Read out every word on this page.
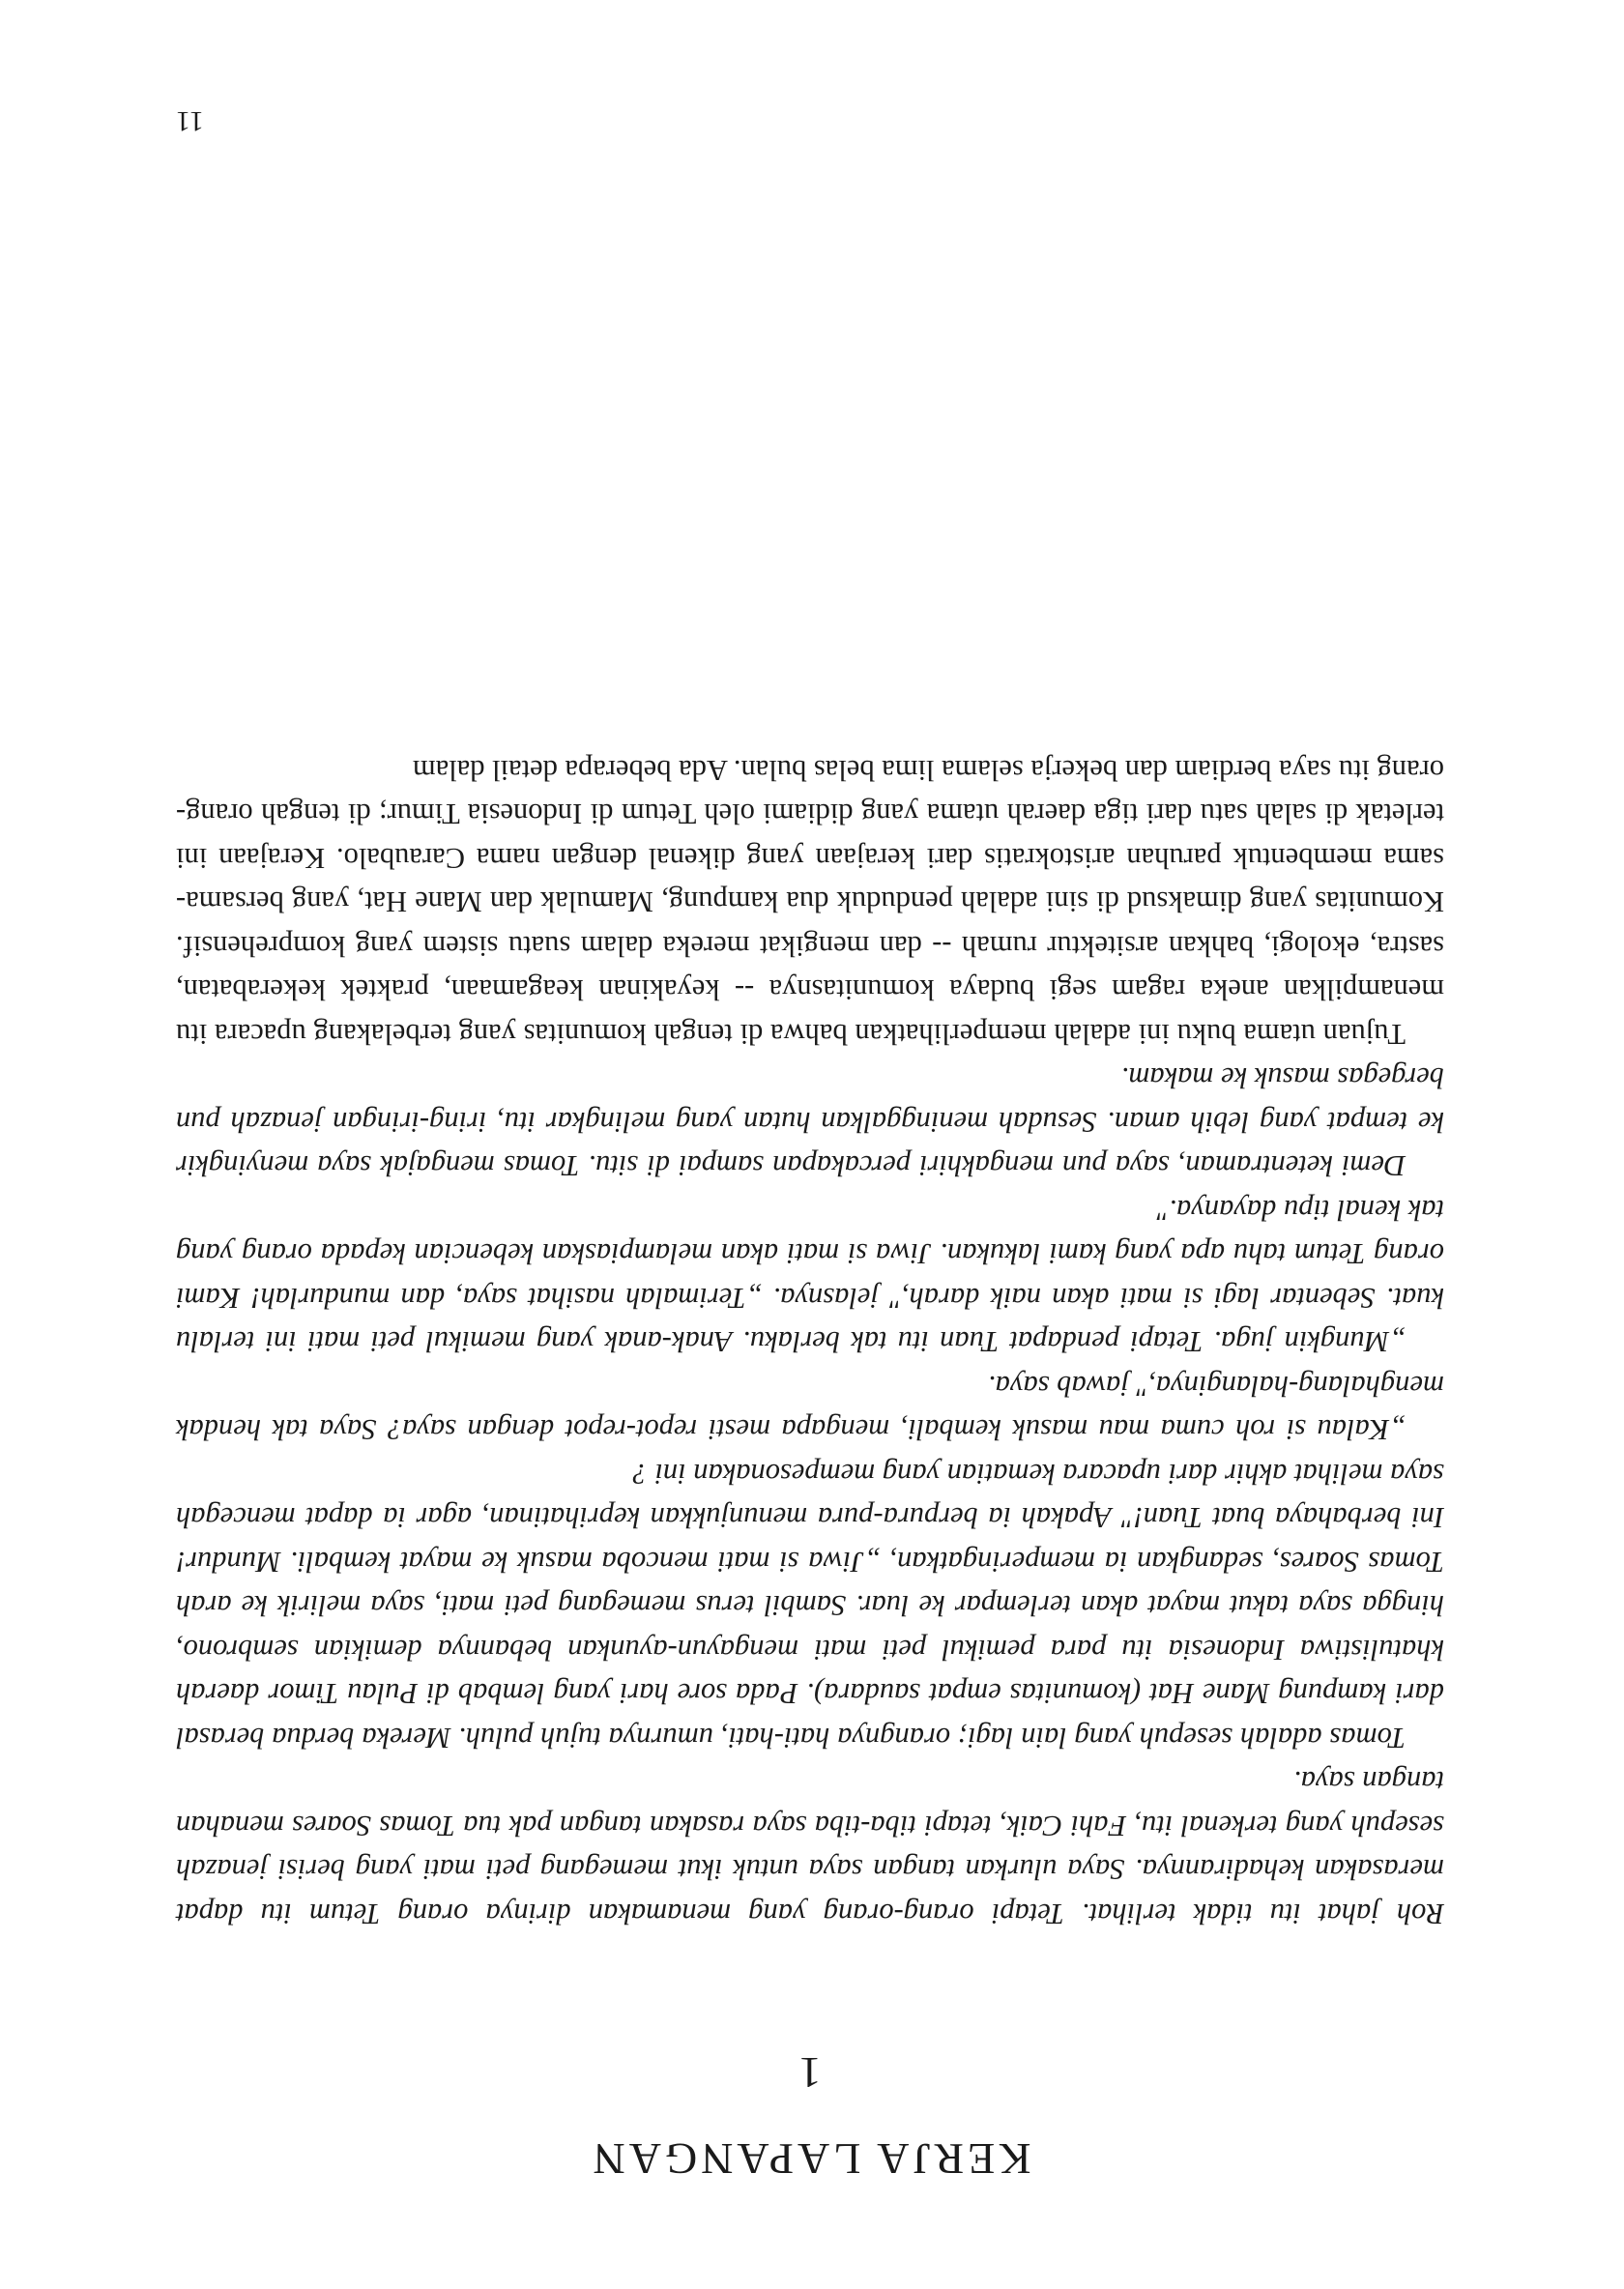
KERJA LAPANGAN
1

Roh jahat itu tidak terlihat. Tetapi orang-orang yang menamakan dirinya orang Tetum itu dapat merasakan kehadirannya. Saya ulurkan tangan saya untuk ikut memegang peti mati yang berisi jenazah sesepuh yang terkenal itu, Fahi Caik, tetapi tiba-tiba saya rasakan tangan pak tua Tomas Soares menahan tangan saya.

Tomas adalah sesepuh yang lain lagi; orangnya hati-hati, umurnya tujuh puluh. Mereka berdua berasal dari kampung Mane Hat (komunitas empat saudara). Pada sore hari yang lembab di Pulau Timor daerah khatulistiwa Indonesia itu para pemikul peti mati mengayun-ayunkan bebannya demikian sembrono, hingga saya takut mayat akan terlempar ke luar. Sambil terus memegang peti mati, saya melirik ke arah Tomas Soares, sedangkan ia memperingatkan, „Jiwa si mati mencoba masuk ke mayat kembali. Mundur! Ini berbahaya buat Tuan!" Apakah ia berpura-pura menunjukkan keprihatinan, agar ia dapat mencegah saya melihat akhir dari upacara kematian yang mempesonakan ini ?

„Kalau si roh cuma mau masuk kembali, mengapa mesti repot-repot dengan saya? Saya tak hendak menghalang-halanginya," jawab saya.

„Mungkin juga. Tetapi pendapat Tuan itu tak berlaku. Anak-anak yang memikul peti mati ini terlalu kuat. Sebentar lagi si mati akan naik darah," jelasnya. „Terimalah nasihat saya, dan mundurlah! Kami orang Tetum tahu apa yang kami lakukan. Jiwa si mati akan melampiaskan kebencian kepada orang yang tak kenal tipu dayanya."

Demi ketentraman, saya pun mengakhiri percakapan sampai di situ. Tomas mengajak saya menyingkir ke tempat yang lebih aman. Sesudah meninggalkan hutan yang melingkar itu, iring-iringan jenazah pun bergegas masuk ke makam.

Tujuan utama buku ini adalah memperlihatkan bahwa di tengah komunitas yang terbelakang upacara itu menampilkan aneka ragam segi budaya komunitasnya -- keyakinan keagamaan, praktek kekerabatan, sastra, ekologi, bahkan arsitektur rumah -- dan mengikat mereka dalam suatu sistem yang komprehensif. Komunitas yang dimaksud di sini adalah penduduk dua kampung, Mamulak dan Mane Hat, yang bersama-sama membentuk paruhan aristokratis dari kerajaan yang dikenal dengan nama Caraubalo. Kerajaan ini terletak di salah satu dari tiga daerah utama yang didiami oleh Tetum di Indonesia Timur; di tengah orang-orang itu saya berdiam dan bekerja selama lima belas bulan. Ada beberapa detail dalam

11
